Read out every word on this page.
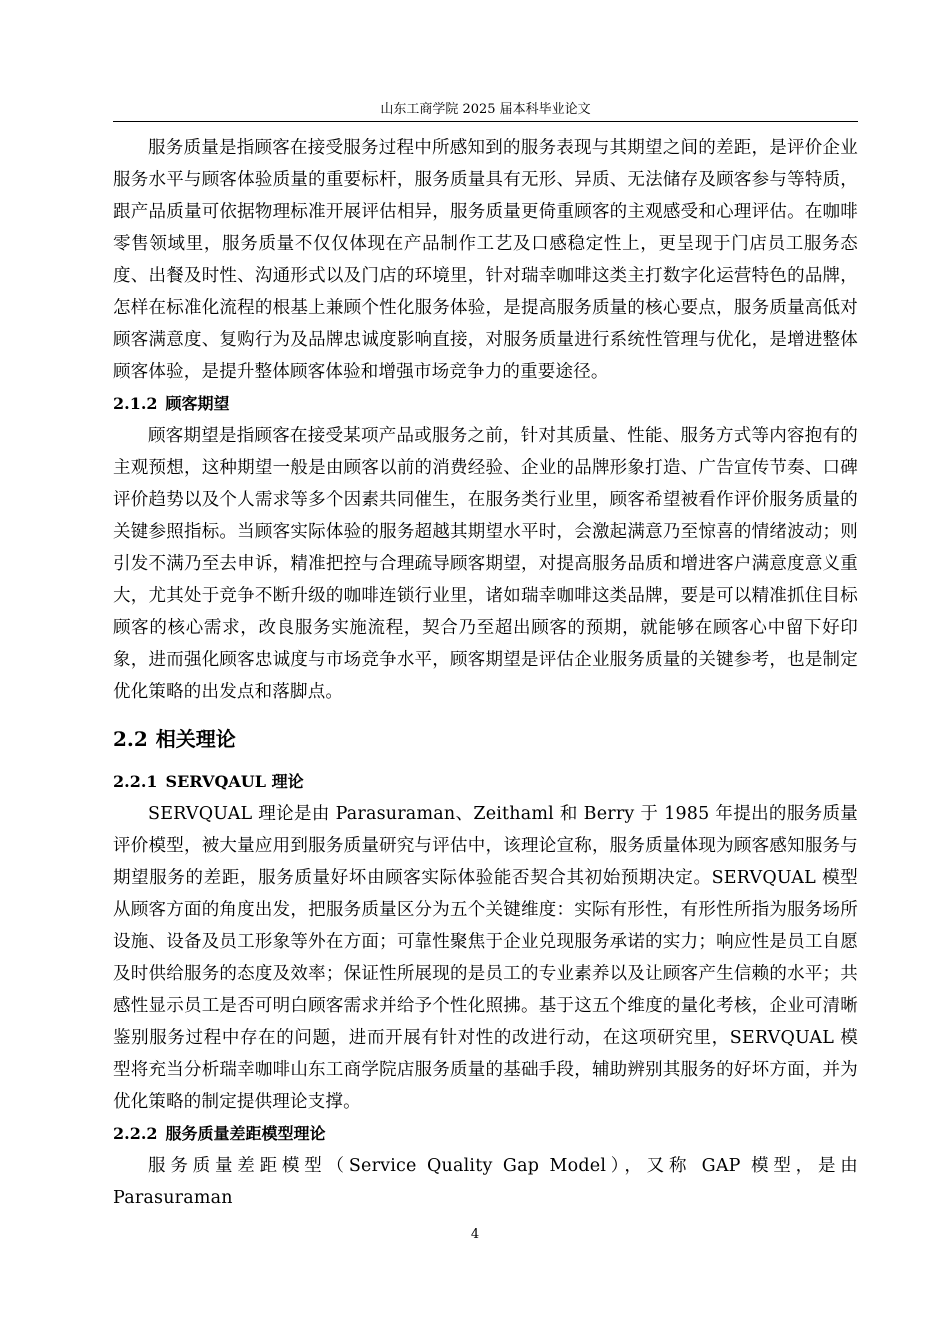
山东工商学院 2025 届本科毕业论文

服务质量是指顾客在接受服务过程中所感知到的服务表现与其期望之间的差距，是评价企业服务水平与顾客体验质量的重要标杆，服务质量具有无形、异质、无法储存及顾客参与等特质，跟产品质量可依据物理标准开展评估相异，服务质量更倚重顾客的主观感受和心理评估。在咖啡零售领域里，服务质量不仅仅体现在产品制作工艺及口感稳定性上，更呈现于门店员工服务态度、出餐及时性、沟通形式以及门店的环境里，针对瑞幸咖啡这类主打数字化运营特色的品牌，怎样在标准化流程的根基上兼顾个性化服务体验，是提高服务质量的核心要点，服务质量高低对顾客满意度、复购行为及品牌忠诚度影响直接，对服务质量进行系统性管理与优化，是增进整体顾客体验，是提升整体顾客体验和增强市场竞争力的重要途径。

2.1.2 顾客期望

顾客期望是指顾客在接受某项产品或服务之前，针对其质量、性能、服务方式等内容抱有的主观预想，这种期望一般是由顾客以前的消费经验、企业的品牌形象打造、广告宣传节奏、口碑评价趋势以及个人需求等多个因素共同催生，在服务类行业里，顾客希望被看作评价服务质量的关键参照指标。当顾客实际体验的服务超越其期望水平时，会激起满意乃至惊喜的情绪波动；则引发不满乃至去申诉，精准把控与合理疏导顾客期望，对提高服务品质和增进客户满意度意义重大，尤其处于竞争不断升级的咖啡连锁行业里，诸如瑞幸咖啡这类品牌，要是可以精准抓住目标顾客的核心需求，改良服务实施流程，契合乃至超出顾客的预期，就能够在顾客心中留下好印象，进而强化顾客忠诚度与市场竞争水平，顾客期望是评估企业服务质量的关键参考，也是制定优化策略的出发点和落脚点。

2.2 相关理论
2.2.1 SERVQAUL 理论

SERVQUAL 理论是由 Parasuraman、Zeithaml 和 Berry 于 1985 年提出的服务质量评价模型，被大量应用到服务质量研究与评估中，该理论宣称，服务质量体现为顾客感知服务与期望服务的差距，服务质量好坏由顾客实际体验能否契合其初始预期决定。SERVQUAL 模型从顾客方面的角度出发，把服务质量区分为五个关键维度：实际有形性，有形性所指为服务场所设施、设备及员工形象等外在方面；可靠性聚焦于企业兑现服务承诺的实力；响应性是员工自愿及时供给服务的态度及效率；保证性所展现的是员工的专业素养以及让顾客产生信赖的水平；共感性显示员工是否可明白顾客需求并给予个性化照拂。基于这五个维度的量化考核，企业可清晰鉴别服务过程中存在的问题，进而开展有针对性的改进行动，在这项研究里，SERVQUAL 模型将充当分析瑞幸咖啡山东工商学院店服务质量的基础手段，辅助辨别其服务的好坏方面，并为优化策略的制定提供理论支撑。

2.2.2 服务质量差距模型理论

服务质量差距模型（Service Quality Gap Model），又称 GAP 模型，是由 Parasuraman

4
